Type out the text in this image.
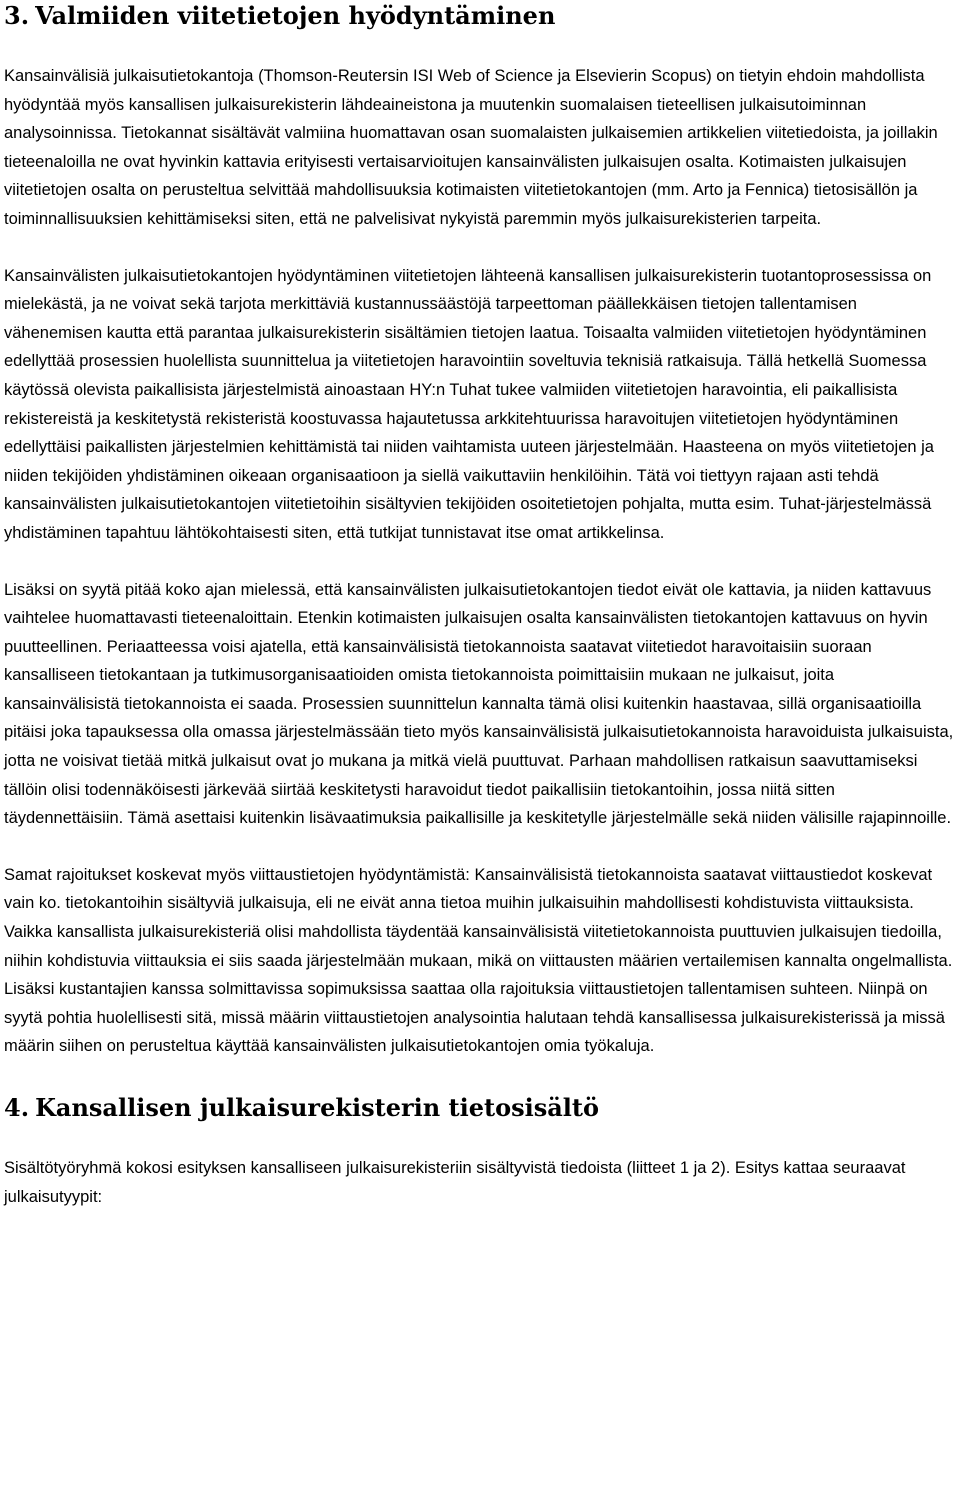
3. Valmiiden viitetietojen hyödyntäminen

Kansainvälisiä julkaisutietokantoja (Thomson-Reutersin ISI Web of Science ja Elsevierin Scopus) on tietyin ehdoin mahdollista hyödyntää myös kansallisen julkaisurekisterin lähdeaineistona ja muutenkin suomalaisen tieteellisen julkaisutoiminnan analysoinnissa. Tietokannat sisältävät valmiina huomattavan osan suomalaisten julkaisemien artikkelien viitetiedoista, ja joillakin tieteenaloilla ne ovat hyvinkin kattavia erityisesti vertaisarvioitujen kansainvälisten julkaisujen osalta. Kotimaisten julkaisujen viitetietojen osalta on perusteltua selvittää mahdollisuuksia kotimaisten viitetietokantojen (mm. Arto ja Fennica) tietosisällön ja toiminnallisuuksien kehittämiseksi siten, että ne palvelisivat nykyistä paremmin myös julkaisurekisterien tarpeita.

Kansainvälisten julkaisutietokantojen hyödyntäminen viitetietojen lähteenä kansallisen julkaisurekisterin tuotantoprosessissa on mielekästä, ja ne voivat sekä tarjota merkittäviä kustannussäästöjä tarpeettoman päällekkäisen tietojen tallentamisen vähenemisen kautta että parantaa julkaisurekisterin sisältämien tietojen laatua. Toisaalta valmiiden viitetietojen hyödyntäminen edellyttää prosessien huolellista suunnittelua ja viitetietojen haravointiin soveltuvia teknisiä ratkaisuja. Tällä hetkellä Suomessa käytössä olevista paikallisista järjestelmistä ainoastaan HY:n Tuhat tukee valmiiden viitetietojen haravointia, eli paikallisista rekistereistä ja keskitetystä rekisteristä koostuvassa hajautetussa arkkitehtuurissa haravoitujen viitetietojen hyödyntäminen edellyttäisi paikallisten järjestelmien kehittämistä tai niiden vaihtamista uuteen järjestelmään. Haasteena on myös viitetietojen ja niiden tekijöiden yhdistäminen oikeaan organisaatioon ja siellä vaikuttaviin henkilöihin. Tätä voi tiettyyn rajaan asti tehdä kansainvälisten julkaisutietokantojen viitetietoihin sisältyvien tekijöiden osoitetietojen pohjalta, mutta esim. Tuhat-järjestelmässä yhdistäminen tapahtuu lähtökohtaisesti siten, että tutkijat tunnistavat itse omat artikkelinsa.

Lisäksi on syytä pitää koko ajan mielessä, että kansainvälisten julkaisutietokantojen tiedot eivät ole kattavia, ja niiden kattavuus vaihtelee huomattavasti tieteenaloittain. Etenkin kotimaisten julkaisujen osalta kansainvälisten tietokantojen kattavuus on hyvin puutteellinen. Periaatteessa voisi ajatella, että kansainvälisistä tietokannoista saatavat viitetiedot haravoitaisiin suoraan kansalliseen tietokantaan ja tutkimusorganisaatioiden omista tietokannoista poimittaisiin mukaan ne julkaisut, joita kansainvälisistä tietokannoista ei saada. Prosessien suunnittelun kannalta tämä olisi kuitenkin haastavaa, sillä organisaatioilla pitäisi joka tapauksessa olla omassa järjestelmässään tieto myös kansainvälisistä julkaisutietokannoista haravoiduista julkaisuista, jotta ne voisivat tietää mitkä julkaisut ovat jo mukana ja mitkä vielä puuttuvat. Parhaan mahdollisen ratkaisun saavuttamiseksi tällöin olisi todennäköisesti järkevää siirtää keskitetysti haravoidut tiedot paikallisiin tietokantoihin, jossa niitä sitten täydennettäisiin. Tämä asettaisi kuitenkin lisävaatimuksia paikallisille ja keskitetylle järjestelmälle sekä niiden välisille rajapinnoille.

Samat rajoitukset koskevat myös viittaustietojen hyödyntämistä: Kansainvälisistä tietokannoista saatavat viittaustiedot koskevat vain ko. tietokantoihin sisältyviä julkaisuja, eli ne eivät anna tietoa muihin julkaisuihin mahdollisesti kohdistuvista viittauksista. Vaikka kansallista julkaisurekisteriä olisi mahdollista täydentää kansainvälisistä viitetietokannoista puuttuvien julkaisujen tiedoilla, niihin kohdistuvia viittauksia ei siis saada järjestelmään mukaan, mikä on viittausten määrien vertailemisen kannalta ongelmallista. Lisäksi kustantajien kanssa solmittavissa sopimuksissa saattaa olla rajoituksia viittaustietojen tallentamisen suhteen. Niinpä on syytä pohtia huolellisesti sitä, missä määrin viittaustietojen analysointia halutaan tehdä kansallisessa julkaisurekisterissä ja missä määrin siihen on perusteltua käyttää kansainvälisten julkaisutietokantojen omia työkaluja.

4. Kansallisen julkaisurekisterin tietosisältö

Sisältötyöryhmä kokosi esityksen kansalliseen julkaisurekisteriin sisältyvistä tiedoista (liitteet 1 ja 2). Esitys kattaa seuraavat julkaisutyypit:
